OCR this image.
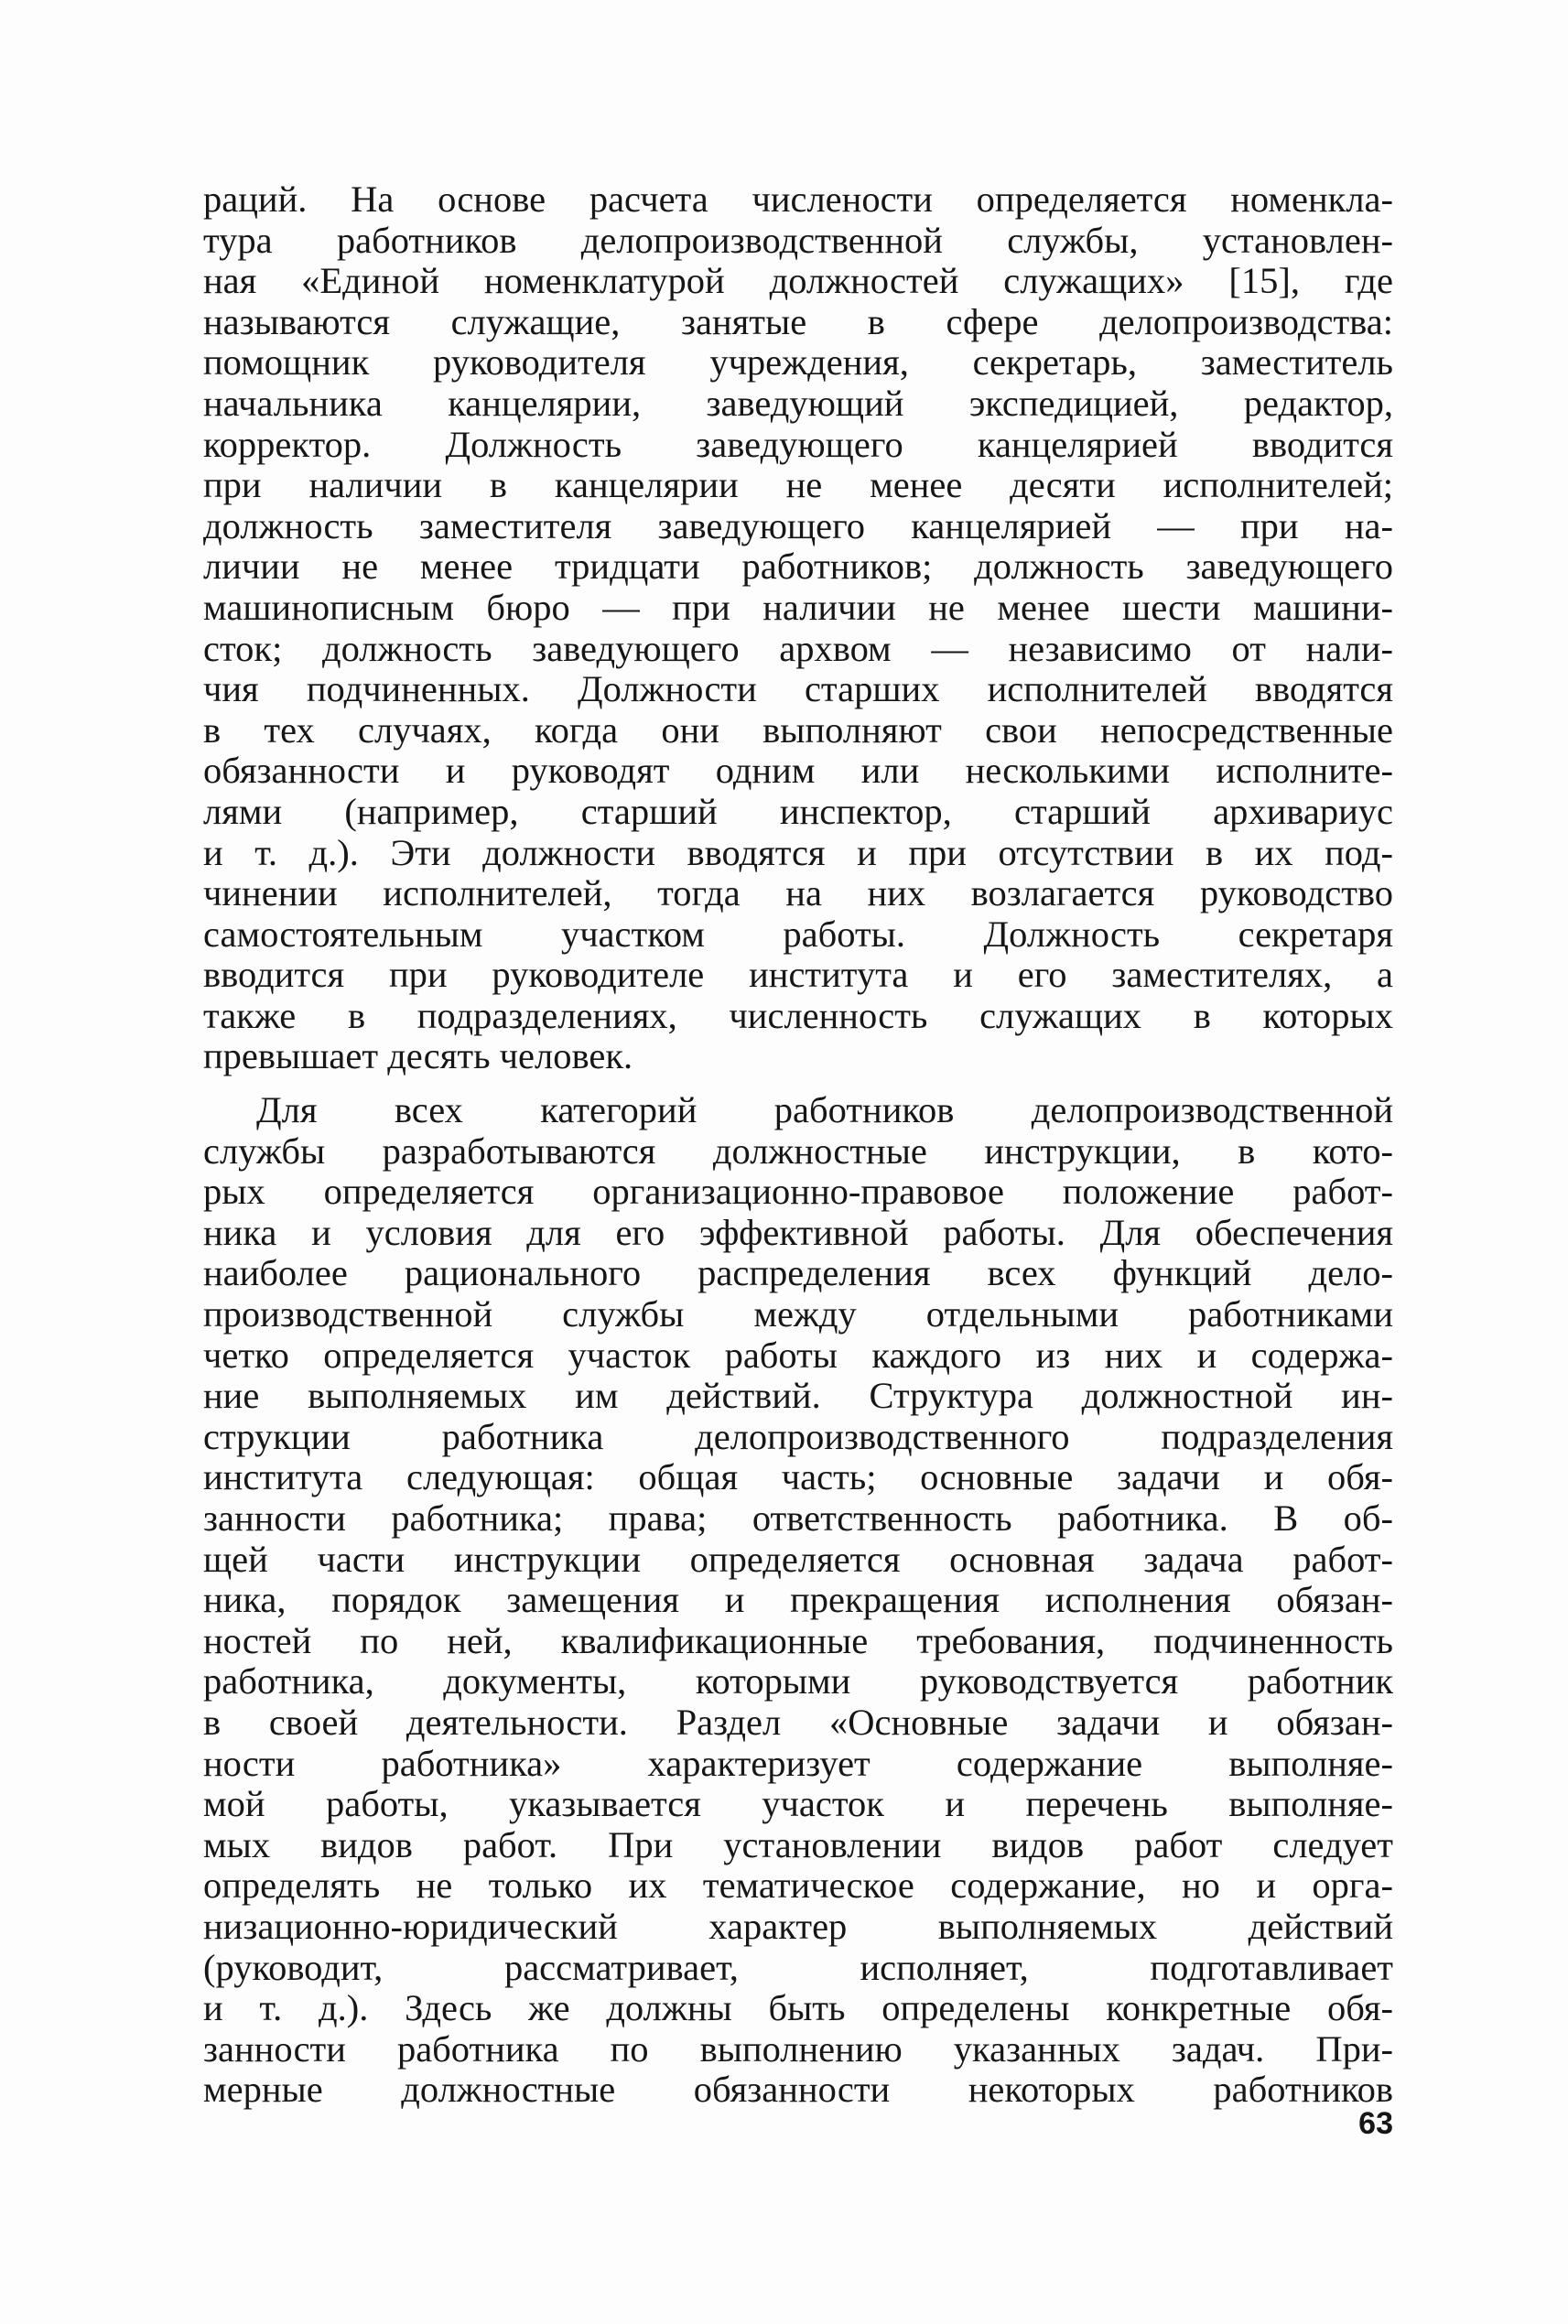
раций. На основе расчета численоcти определяется номенкла-
тура работников делопроизводственной службы, установлен-
ная «Единой номенклатурой должностей служащих» [15], где
называются служащие, занятые в сфере делопроизводства:
помощник руководителя учреждения, секретарь, заместитель
начальника канцелярии, заведующий экспедицией, редактор,
корректор. Должность заведующего канцелярией вводится
при наличии в канцелярии не менее десяти исполнителей;
должность заместителя заведующего канцелярией — при на-
личии не менее тридцати работников; должность заведующего
машинописным бюро — при наличии не менее шести машини-
сток; должность заведующего архвом — независимо от нали-
чия подчиненных. Должности старших исполнителей вводятся
в тех случаях, когда они выполняют свои непосредственные
обязанности и руководят одним или несколькими исполните-
лями (например, старший инспектор, старший архивариус
и т. д.). Эти должности вводятся и при отсутствии в их под-
чинении исполнителей, тогда на них возлагается руководство
самостоятельным участком работы. Должность секретаря
вводится при руководителе института и его заместителях, а
также в подразделениях, численность служащих в которых
превышает десять человек.
Для всех категорий работников делопроизводственной
службы разработываются должностные инструкции, в кото-
рых определяется организационно-правовое положение работ-
ника и условия для его эффективной работы. Для обеспечения
наиболее рационального распределения всех функций дело-
производственной службы между отдельными работниками
четко определяется участок работы каждого из них и содержа-
ние выполняемых им действий. Структура должностной ин-
струкции работника делопроизводственного подразделения
института следующая: общая часть; основные задачи и обя-
занности работника; права; ответственность работника. В об-
щей части инструкции определяется основная задача работ-
ника, порядок замещения и прекращения исполнения обязан-
ностей по ней, квалификационные требования, подчиненность
работника, документы, которыми руководствуется работник
в своей деятельности. Раздел «Основные задачи и обязан-
ности работника» характеризует содержание выполняе-
мой работы, указывается участок и перечень выполняе-
мых видов работ. При установлении видов работ следует
определять не только их тематическое содержание, но и орга-
низационно-юридический характер выполняемых действий
(руководит, рассматривает, исполняет, подготавливает
и т. д.). Здесь же должны быть определены конкретные обя-
занности работника по выполнению указанных задач. При-
мерные должностные обязанности некоторых работников
63
